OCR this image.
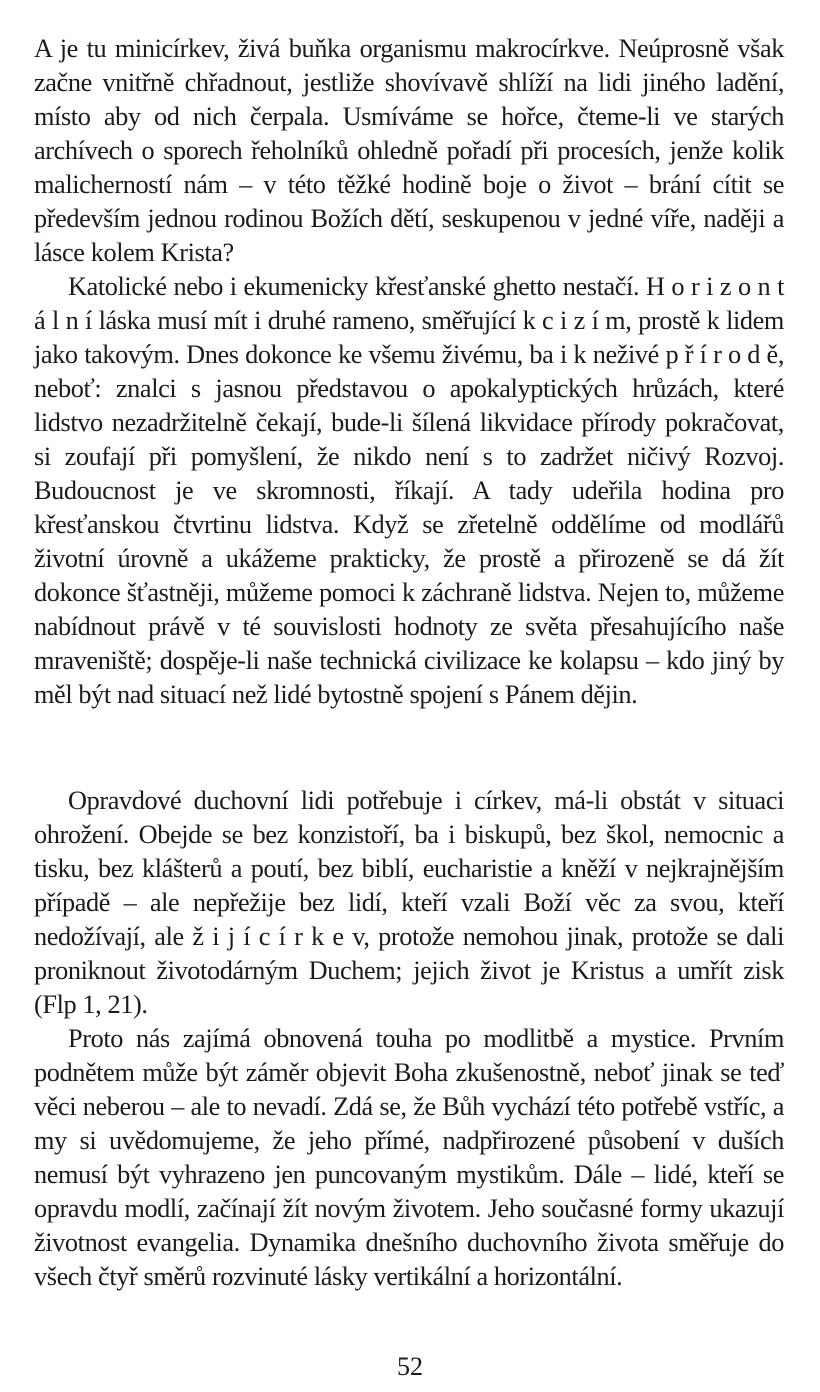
A je tu minicírkev, živá buňka organismu makrocírkve. Neúprosně však začne vnitřně chřadnout, jestliže shovívavě shlíží na lidi jiného ladění, místo aby od nich čerpala. Usmíváme se hořce, čteme-li ve starých archívech o sporech řeholníků ohledně pořadí při procesích, jenže kolik malicherností nám – v této těžké hodině boje o život – brání cítit se především jednou rodinou Božích dětí, seskupenou v jedné víře, naději a lásce kolem Krista?

Katolické nebo i ekumenicky křesťanské ghetto nestačí. H o r i z o n t á l n í láska musí mít i druhé rameno, směřující k c i z í m, prostě k lidem jako takovým. Dnes dokonce ke všemu živému, ba i k neživé p ř í r o d ě, neboť: znalci s jasnou představou o apokalyptických hrůzách, které lidstvo nezadržitelně čekají, bude-li šílená likvidace přírody pokračovat, si zoufají při pomyšlení, že nikdo není s to zadržet ničivý Rozvoj. Budoucnost je ve skromnosti, říkají. A tady udeřila hodina pro křesťanskou čtvrtinu lidstva. Když se zřetelně oddělíme od modlářů životní úrovně a ukážeme prakticky, že prostě a přirozeně se dá žít dokonce šťastněji, můžeme pomoci k záchraně lidstva. Nejen to, můžeme nabídnout právě v té souvislosti hodnoty ze světa přesahujícího naše mraveniště; dospěje-li naše technická civilizace ke kolapsu – kdo jiný by měl být nad situací než lidé bytostně spojení s Pánem dějin.

Opravdové duchovní lidi potřebuje i církev, má-li obstát v situaci ohrožení. Obejde se bez konzistoří, ba i biskupů, bez škol, nemocnic a tisku, bez klášterů a poutí, bez biblí, eucharistie a kněží v nejkrajnějším případě – ale nepřežije bez lidí, kteří vzali Boží věc za svou, kteří nedožívají, ale ž i j í c í r k e v, protože nemohou jinak, protože se dali proniknout životodárným Duchem; jejich život je Kristus a umřít zisk (Flp 1, 21).

Proto nás zajímá obnovená touha po modlitbě a mystice. Prvním podnětem může být záměr objevit Boha zkušenostně, neboť jinak se teď věci neberou – ale to nevadí. Zdá se, že Bůh vychází této potřebě vstříc, a my si uvědomujeme, že jeho přímé, nadpřirozené působení v duších nemusí být vyhrazeno jen puncovaným mystikům. Dále – lidé, kteří se opravdu modlí, začínají žít novým životem. Jeho současné formy ukazují životnost evangelia. Dynamika dnešního duchovního života směřuje do všech čtyř směrů rozvinuté lásky vertikální a horizontální.

52
